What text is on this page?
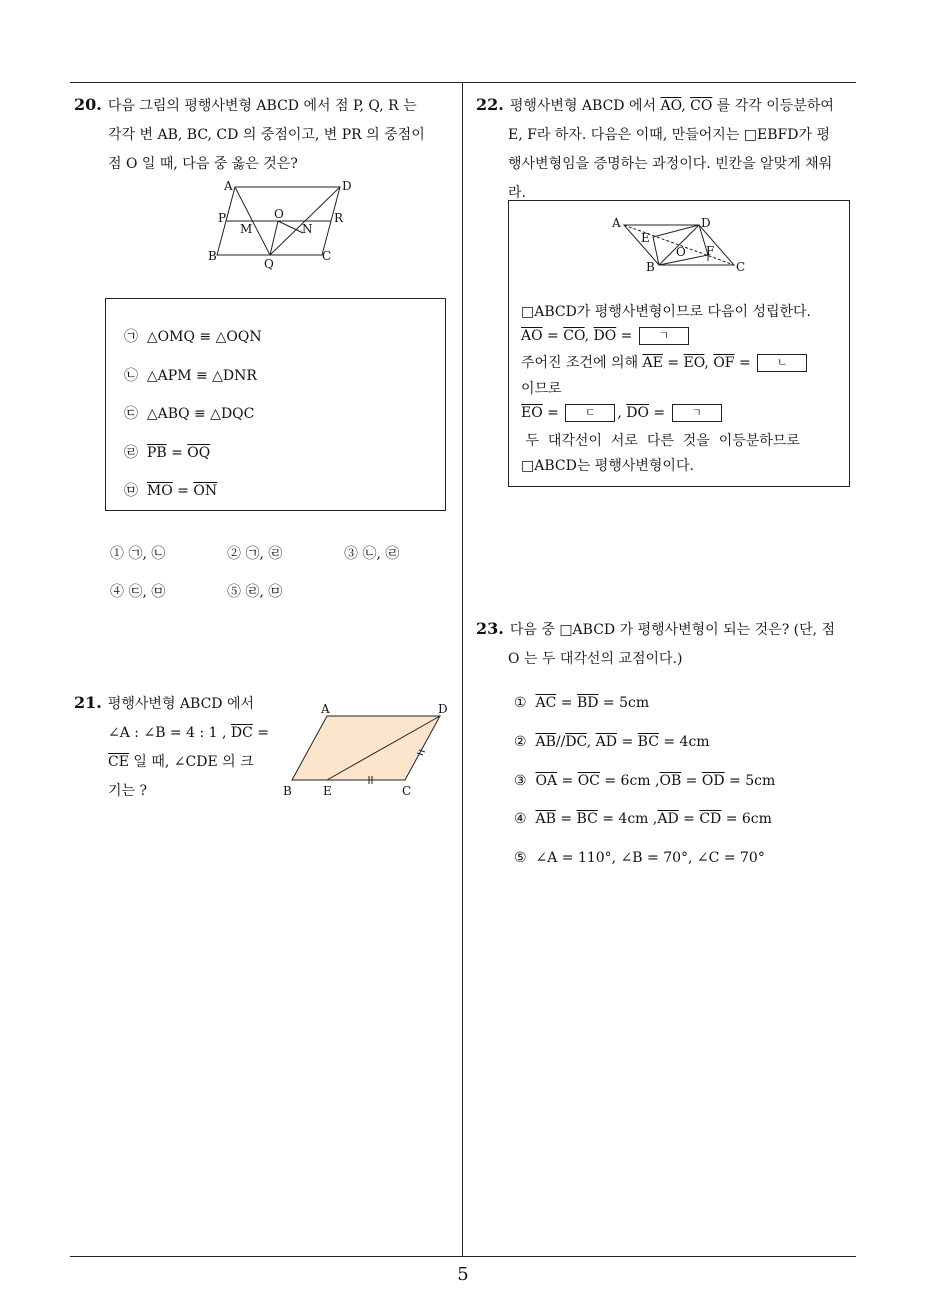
5
20. 다음 그림의 평행사변형 ABCD 에서 점 P, Q, R 는
각각 변 AB, BC, CD 의 중점이고, 변 PR 의 중점이
점 O 일 때, 다음 중 옳은 것은?
A	D
P	O	R
M	N
B
Q
C
㉠ △OMQ ≡ △OQN
㉡ △APM ≡ △DNR
㉢ △ABQ ≡ △DQC
㉣ $\overline{PB} = \overline{OQ}$
㉤ $\overline{MO} = \overline{ON}$
① ㉠, ㉡	② ㉠, ㉣	③ ㉡, ㉣
④ ㉢, ㉤	⑤ ㉣, ㉤
21. 평행사변형 ABCD 에서
∠A : ∠B = 4 : 1 , $\overline{DC}$ =
$\overline{CE}$ 일 때, ∠CDE 의 크
기는 ?
A	D
B	E	C
22. 평행사변형 ABCD 에서 $\overline{AO}$, $\overline{CO}$ 를 각각 이등분하여
E, F라 하자. 다음은 이때, 만들어지는 □EBFD가 평
행사변형임을 증명하는 과정이다. 빈칸을 알맞게 채워
라.
A	D
E
O F
B	C
□ABCD가 평행사변형이므로 다음이 성립한다.
$\overline{AO} = \overline{CO}$, $\overline{DO}$ = ㄱ
주어진 조건에 의해 $\overline{AE} = \overline{EO}$, $\overline{OF}$ = ㄴ
이므로
$\overline{EO}$ = ㄷ , $\overline{DO}$ = ㄱ
두  대각선이  서로  다른  것을  이등분하므로
□ABCD는 평행사변형이다.
23. 다음 중 □ABCD 가 평행사변형이 되는 것은? (단, 점
O 는 두 대각선의 교점이다.)
① $\overline{AC} = \overline{BD} = 5cm$
② $\overline{AB}//\overline{DC}$, $\overline{AD} = \overline{BC} = 4cm$
③ $\overline{OA} = \overline{OC} = 6cm$ $,\overline{OB} = \overline{OD} = 5cm$
④ $\overline{AB} = \overline{BC} = 4cm$ $,\overline{AD} = \overline{CD} = 6cm$
⑤ ∠A = 110°, ∠B = 70°, ∠C = 70°
